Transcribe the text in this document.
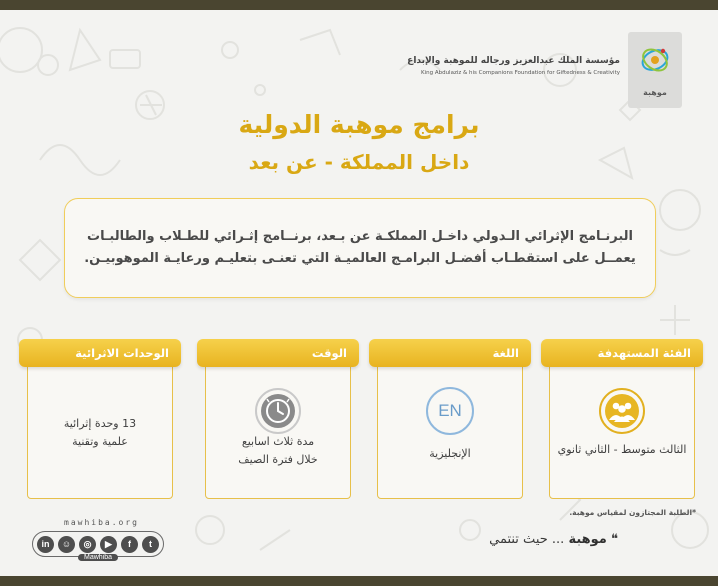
موهبة
مؤسسة الملك عبدالعزيز ورجاله للموهبة والإبداع
King Abdulaziz & his Companions Foundation for Giftedness & Creativity
برامج موهبة الدولية
داخل المملكة - عن بعد
البرنـامج الإثرائي الـدولي داخـل المملكـة عن بـعد، برنــامج إثـرائي للطـلاب والطالبـات يعمــل على استقطـاب أفضـل البرامـج العالميـة التي تعنـى بتعليـم ورعايـة الموهوبيـن.
الفئة المستهدفة
الثالث متوسط - الثاني ثانوي
اللغة
EN
الإنجليزية
الوقت
مدة ثلاث اسابيع
خلال فترة الصيف
الوحدات الاثرائية
13 وحدة إثرائية
علمية وتقنية
*الطلبة المجتازون لمقياس موهبة.
mawhiba.org
in	☺	◎	▶	f	t
Mawhiba
❝ موهبة ... حيث تنتمي
